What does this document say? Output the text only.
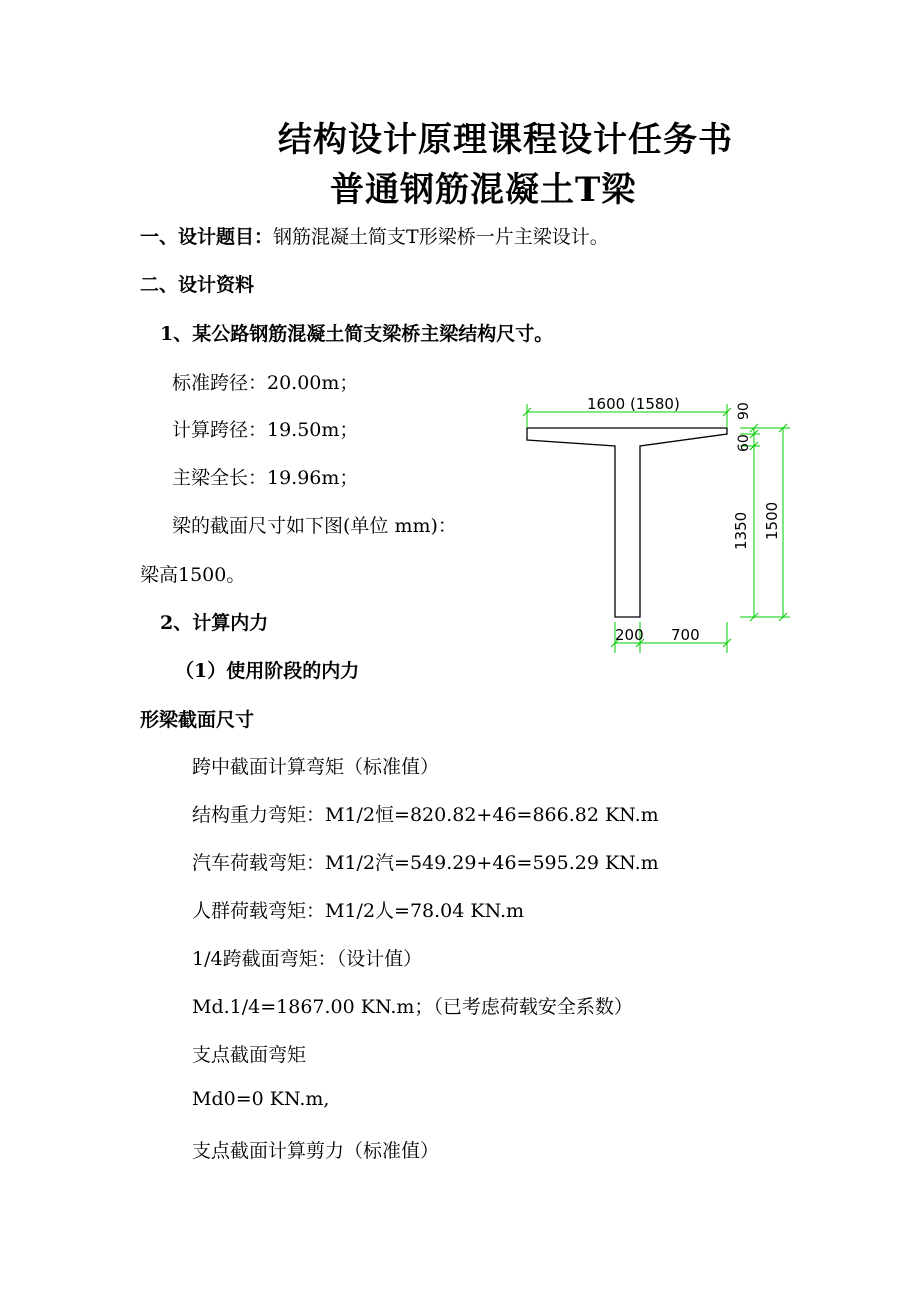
结构设计原理课程设计任务书
普通钢筋混凝土T梁
一、设计题目：钢筋混凝土简支T形梁桥一片主梁设计。
二、设计资料
1、某公路钢筋混凝土简支梁桥主梁结构尺寸。
标准跨径：20.00m；
计算跨径：19.50m；
主梁全长：19.96m；
梁的截面尺寸如下图(单位 mm)：
梁高1500。
2、计算内力
（1）使用阶段的内力
形梁截面尺寸
跨中截面计算弯矩（标准值）
结构重力弯矩：M1/2恒=820.82+46=866.82 KN.m
汽车荷载弯矩：M1/2汽=549.29+46=595.29 KN.m
人群荷载弯矩：M1/2人=78.04 KN.m
1/4跨截面弯矩：（设计值）
Md.1/4=1867.00 KN.m；（已考虑荷载安全系数）
支点截面弯矩
Md0=0 KN.m,
支点截面计算剪力（标准值）
1600 (1580)	90
60
1350 1500
200 700
